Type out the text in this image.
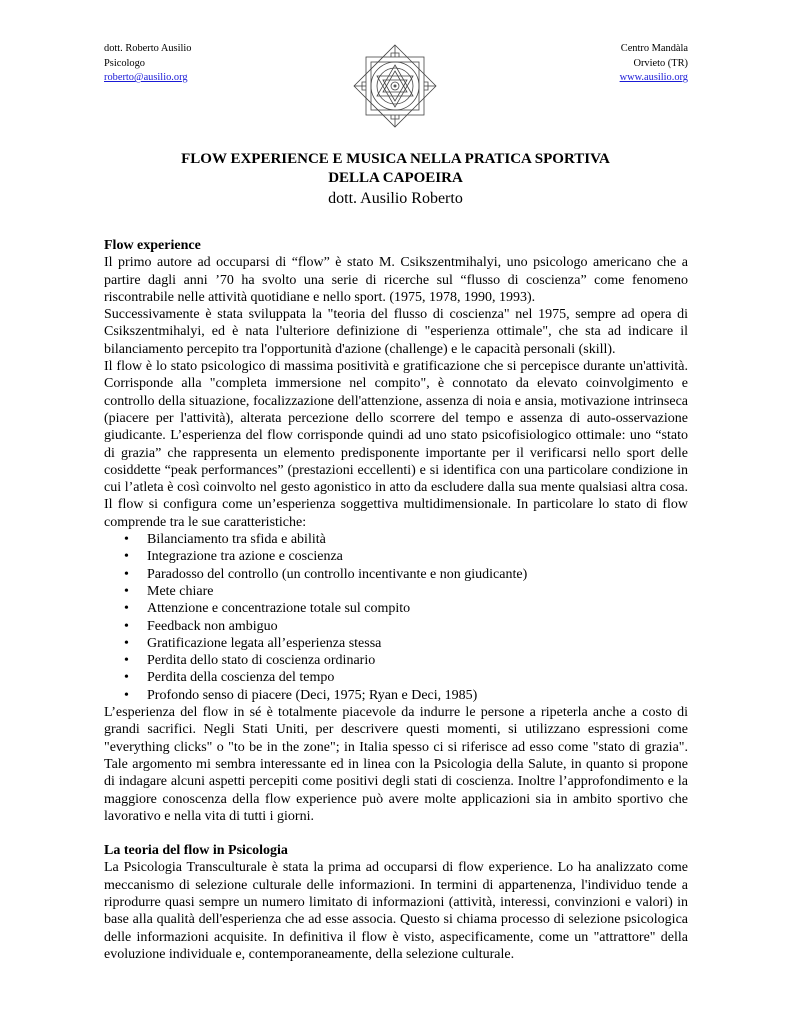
dott. Roberto Ausilio
Psicologo
roberto@ausilio.org
Centro Mandàla
Orvieto (TR)
www.ausilio.org
FLOW EXPERIENCE E MUSICA NELLA PRATICA SPORTIVA
DELLA CAPOEIRA
dott. Ausilio Roberto
Flow experience

Il primo autore ad occuparsi di “flow” è stato M. Csikszentmihalyi, uno psicologo americano che a partire dagli anni ’70 ha svolto una serie di ricerche sul “flusso di coscienza” come fenomeno riscontrabile nelle attività quotidiane e nello sport. (1975, 1978, 1990, 1993).

Successivamente è stata sviluppata la "teoria del flusso di coscienza" nel 1975, sempre ad opera di Csikszentmihalyi, ed è nata l'ulteriore definizione di "esperienza ottimale", che sta ad indicare il bilanciamento percepito tra l'opportunità d'azione (challenge) e le capacità personali (skill).

Il flow è lo stato psicologico di massima positività e gratificazione che si percepisce durante un'attività. Corrisponde alla "completa immersione nel compito", è connotato da elevato coinvolgimento e controllo della situazione, focalizzazione dell'attenzione, assenza di noia e ansia, motivazione intrinseca (piacere per l'attività), alterata percezione dello scorrere del tempo e assenza di auto-osservazione giudicante. L’esperienza del flow corrisponde quindi ad uno stato psicofisiologico ottimale: uno “stato di grazia” che rappresenta un elemento predisponente importante per il verificarsi nello sport delle cosiddette “peak performances” (prestazioni eccellenti) e si identifica con una particolare condizione in cui l’atleta è così coinvolto nel gesto agonistico in atto da escludere dalla sua mente qualsiasi altra cosa. Il flow si configura come un’esperienza soggettiva multidimensionale. In particolare lo stato di flow comprende tra le sue caratteristiche:

• Bilanciamento tra sfida e abilità
• Integrazione tra azione e coscienza
• Paradosso del controllo (un controllo incentivante e non giudicante)
• Mete chiare
• Attenzione e concentrazione totale sul compito
• Feedback non ambiguo
• Gratificazione legata all’esperienza stessa
• Perdita dello stato di coscienza ordinario
• Perdita della coscienza del tempo
• Profondo senso di piacere (Deci, 1975; Ryan e Deci, 1985)

L’esperienza del flow in sé è totalmente piacevole da indurre le persone a ripeterla anche a costo di grandi sacrifici. Negli Stati Uniti, per descrivere questi momenti, si utilizzano espressioni come "everything clicks" o "to be in the zone"; in Italia spesso ci si riferisce ad esso come "stato di grazia". Tale argomento mi sembra interessante ed in linea con la Psicologia della Salute, in quanto si propone di indagare alcuni aspetti percepiti come positivi degli stati di coscienza. Inoltre l’approfondimento e la maggiore conoscenza della flow experience può avere molte applicazioni sia in ambito sportivo che lavorativo e nella vita di tutti i giorni.

La teoria del flow in Psicologia

La Psicologia Transculturale è stata la prima ad occuparsi di flow experience. Lo ha analizzato come meccanismo di selezione culturale delle informazioni. In termini di appartenenza, l'individuo tende a riprodurre quasi sempre un numero limitato di informazioni (attività, interessi, convinzioni e valori) in base alla qualità dell'esperienza che ad esse associa. Questo si chiama processo di selezione psicologica delle informazioni acquisite. In definitiva il flow è visto, aspecificamente, come un "attrattore" della evoluzione individuale e, contemporaneamente, della selezione culturale.
